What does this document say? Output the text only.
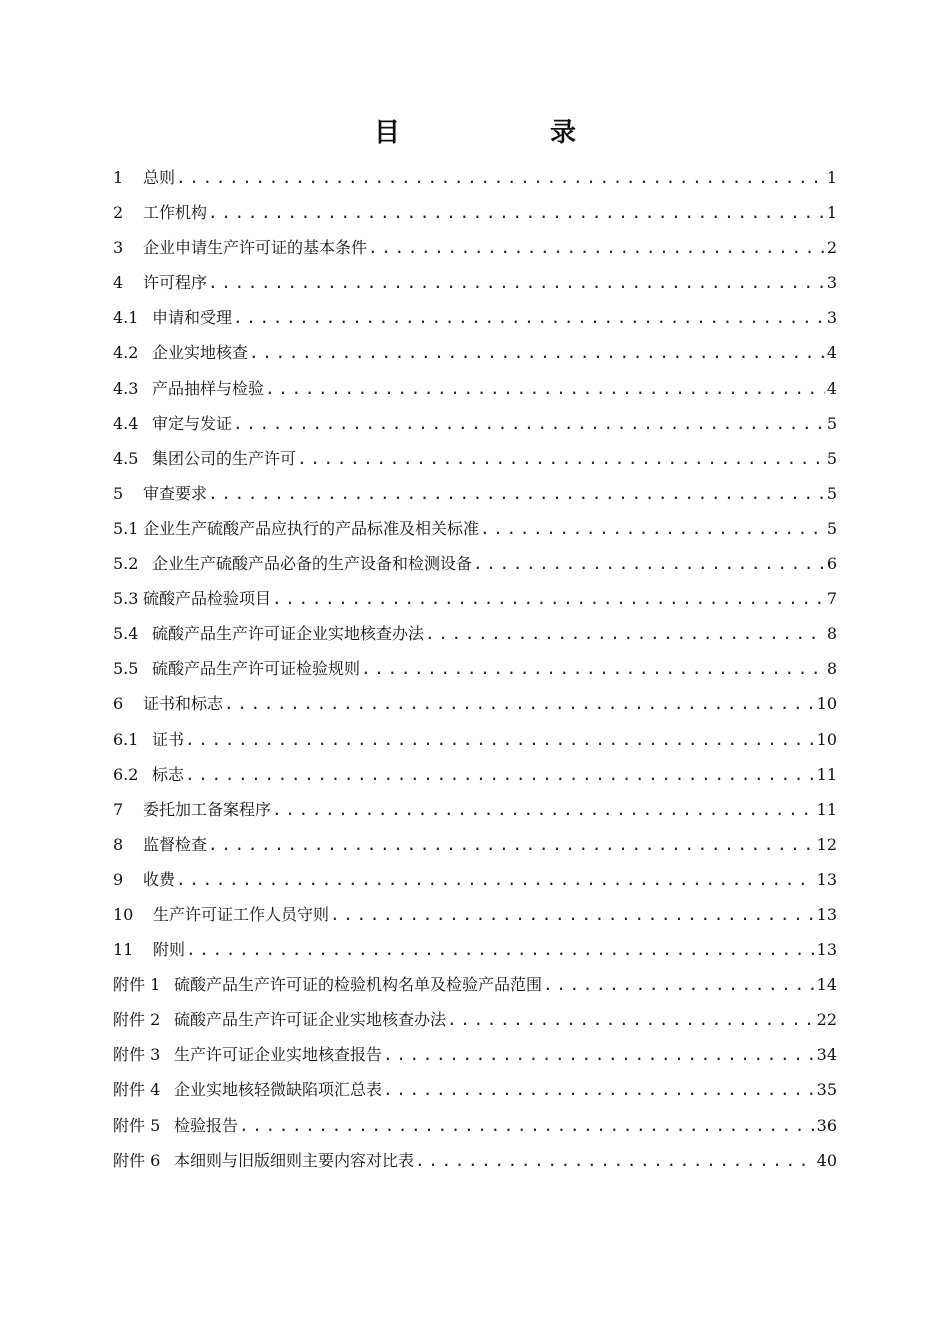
目　录
1	总则 .....	1
2	工作机构 .....	1
3	企业申请生产许可证的基本条件 .....	2
4	许可程序 .....	3
4.1 申请和受理 .....	3
4.2 企业实地核查 .....	4
4.3 产品抽样与检验 .....	4
4.4 审定与发证 .....	5
4.5 集团公司的生产许可 .....	5
5	审查要求 .....	5
5.1 企业生产硫酸产品应执行的产品标准及相关标准 .....	5
5.2 企业生产硫酸产品必备的生产设备和检测设备 .....	6
5.3 硫酸产品检验项目 .....	7
5.4 硫酸产品生产许可证企业实地核查办法 .....	8
5.5 硫酸产品生产许可证检验规则 .....	8
6	证书和标志 .....	10
6.1 证书 .....	10
6.2 标志 .....	11
7	委托加工备案程序 .....	11
8	监督检查 .....	12
9	收费 .....	13
10	生产许可证工作人员守则 .....	13
11	附则 .....	13
附件 1 硫酸产品生产许可证的检验机构名单及检验产品范围 .....	14
附件 2 硫酸产品生产许可证企业实地核查办法 .....	22
附件 3 生产许可证企业实地核查报告 .....	34
附件 4 企业实地核轻微缺陷项汇总表 .....	35
附件 5 检验报告 .....	36
附件 6 本细则与旧版细则主要内容对比表 .....	40
